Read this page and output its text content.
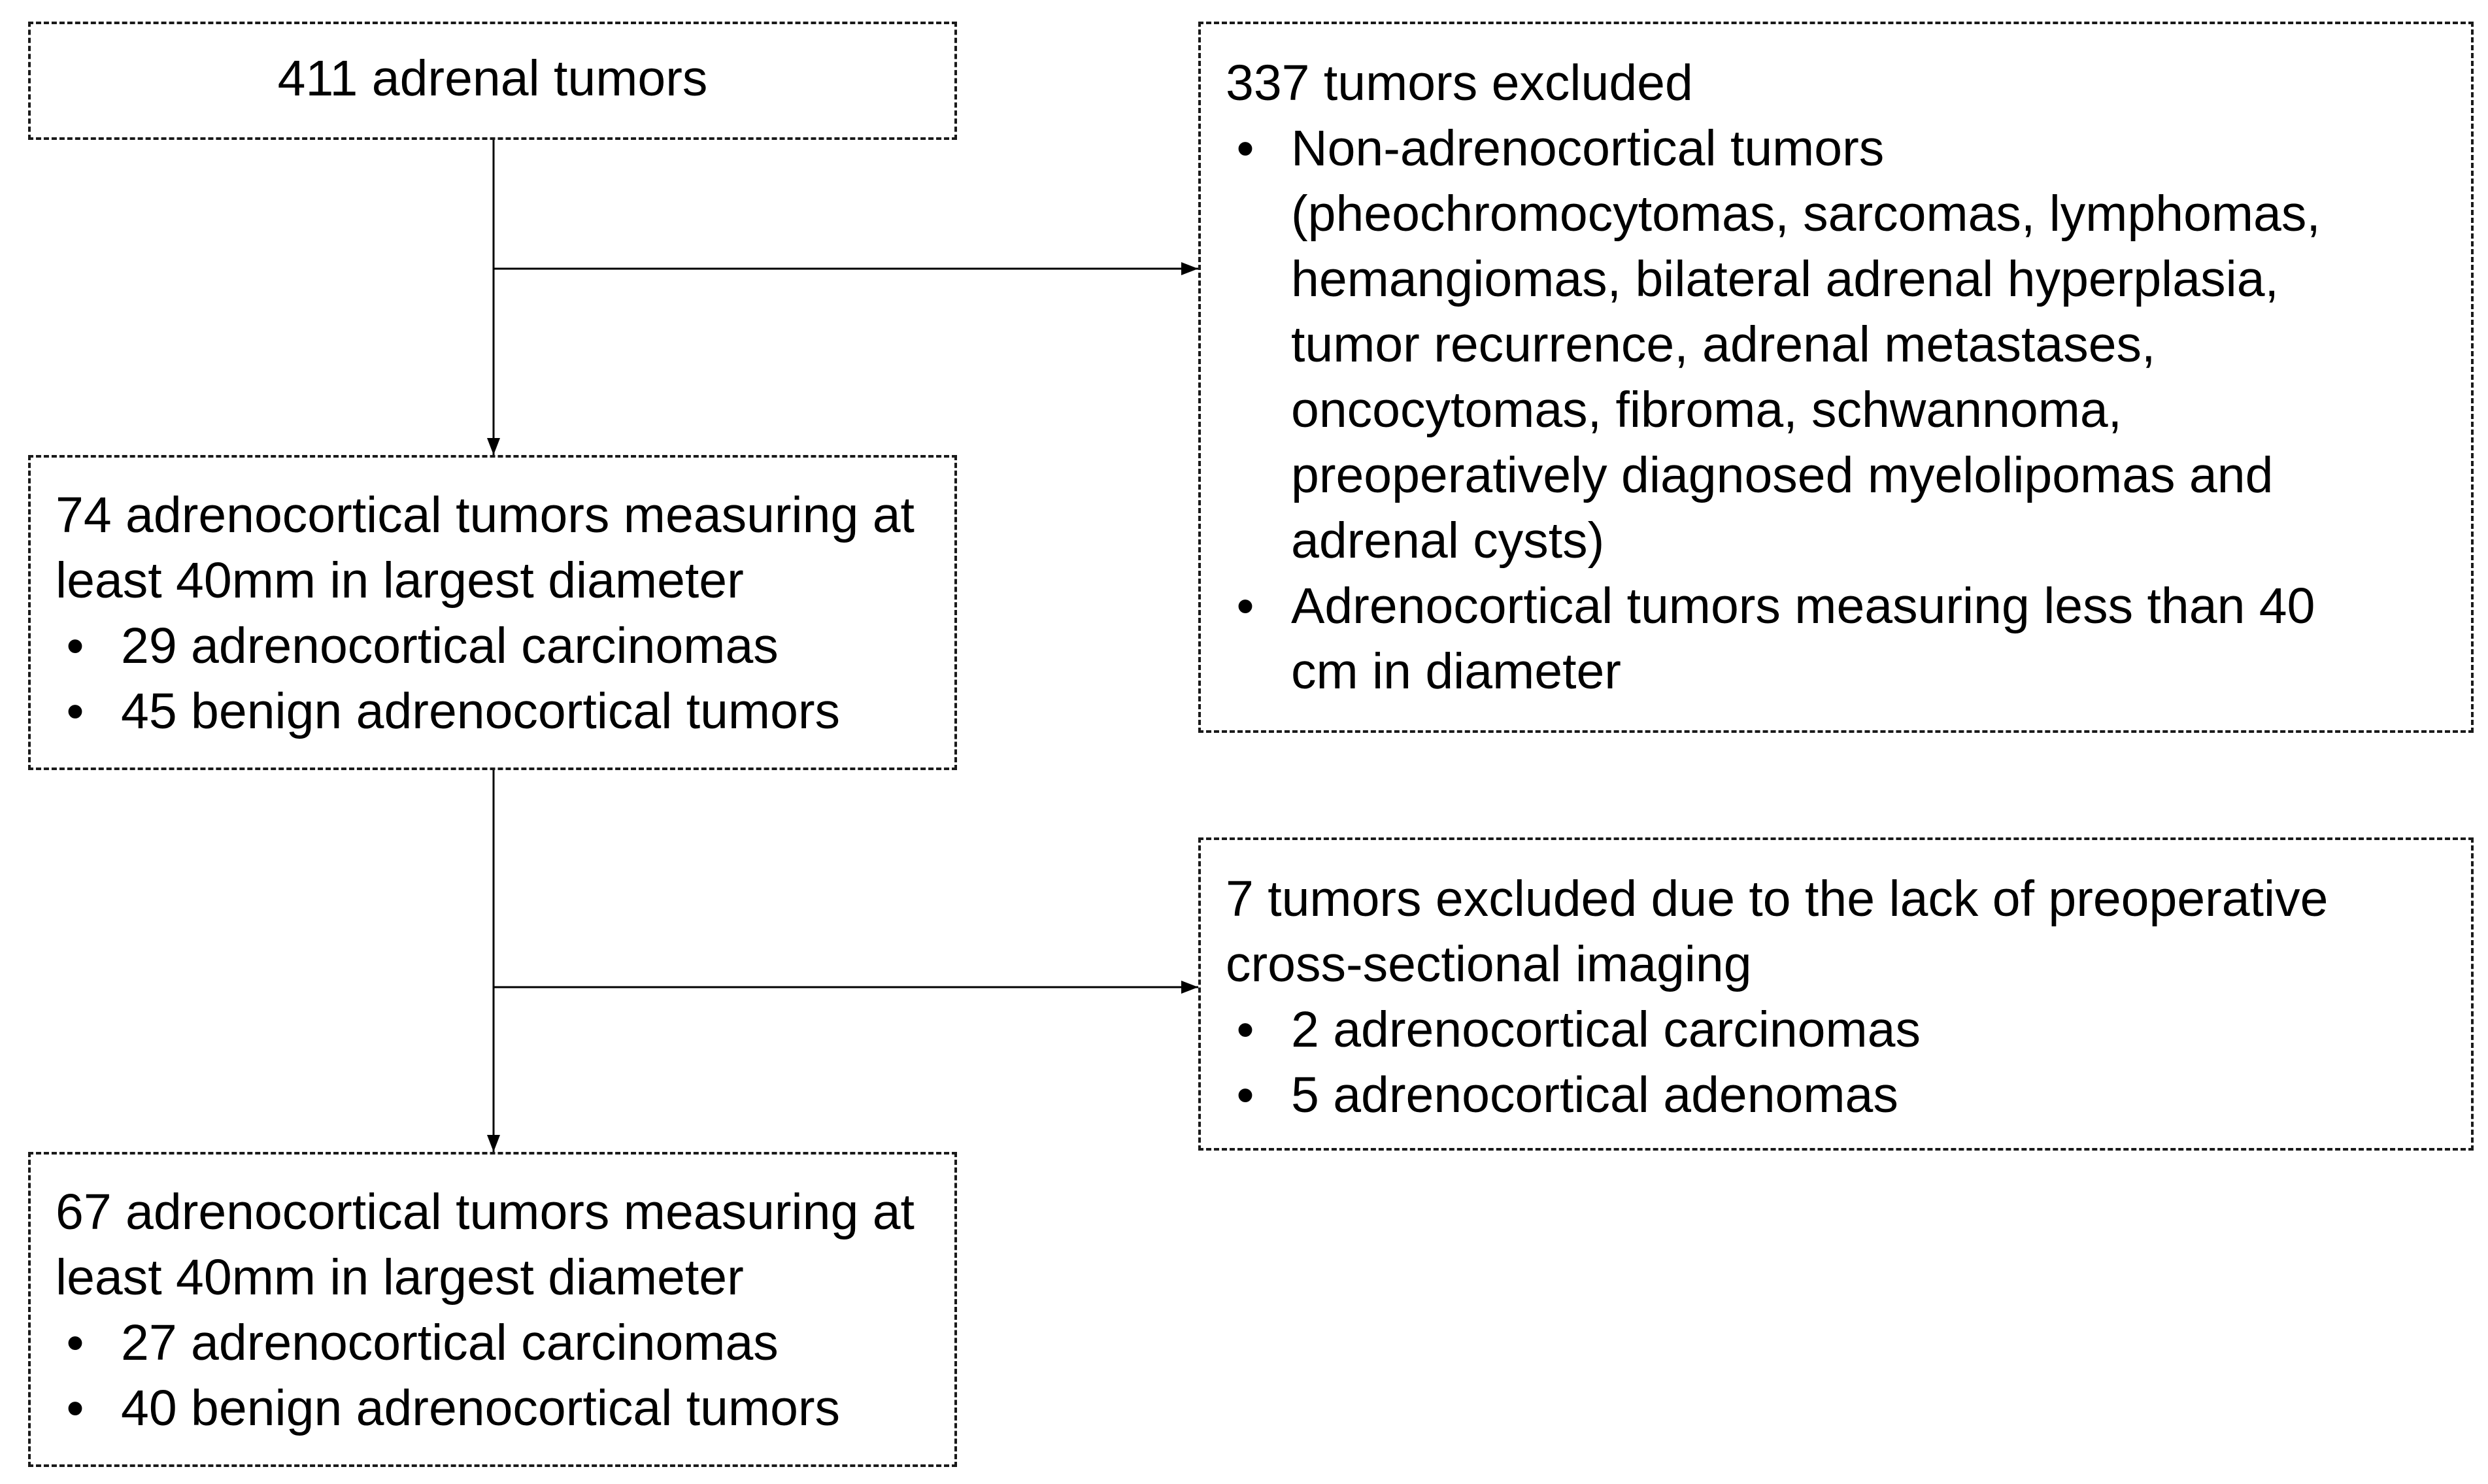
411 adrenal tumors	337 tumors excluded
• Non-adrenocortical tumors (pheochromocytomas, sarcomas, lymphomas, hemangiomas, bilateral adrenal hyperplasia, tumor recurrence, adrenal metastases, oncocytomas, fibroma, schwannoma, preoperatively diagnosed myelolipomas and adrenal cysts)
• Adrenocortical tumors measuring less than 40 cm in diameter
74 adrenocortical tumors measuring at least 40mm in largest diameter
• 29 adrenocortical carcinomas
• 45 benign adrenocortical tumors
7 tumors excluded due to the lack of preoperative cross-sectional imaging
• 2 adrenocortical carcinomas
• 5 adrenocortical adenomas
67 adrenocortical tumors measuring at least 40mm in largest diameter
• 27 adrenocortical carcinomas
• 40 benign adrenocortical tumors
